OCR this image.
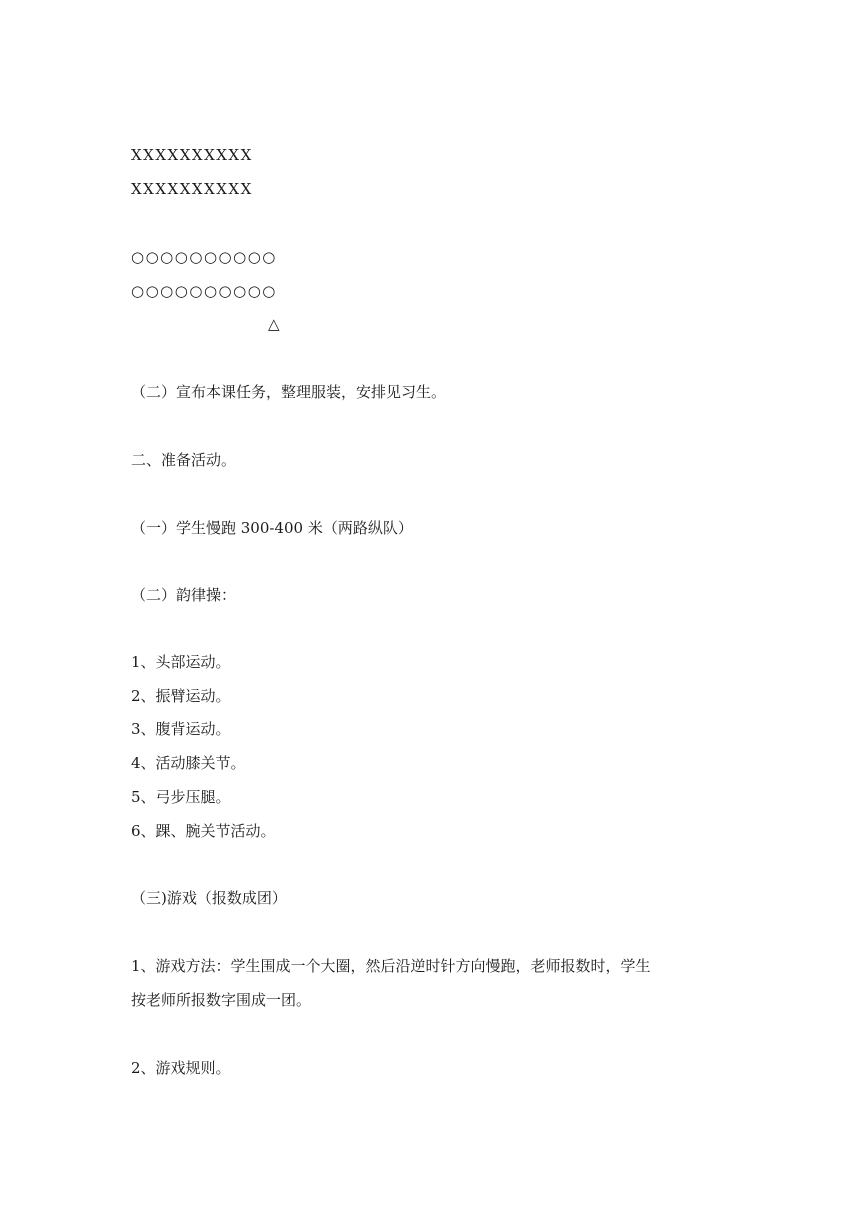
XXXXXXXXXX
XXXXXXXXXX
○○○○○○○○○○
○○○○○○○○○○
△
（二）宣布本课任务，整理服装，安排见习生。
二、准备活动。
（一）学生慢跑 300-400 米（两路纵队）
（二）韵律操：
1、头部运动。
2、振臂运动。
3、腹背运动。
4、活动膝关节。
5、弓步压腿。
6、踝、腕关节活动。
（三)游戏（报数成团）
1、游戏方法：学生围成一个大圈，然后沿逆时针方向慢跑，老师报数时，学生
按老师所报数字围成一团。
2、游戏规则。
